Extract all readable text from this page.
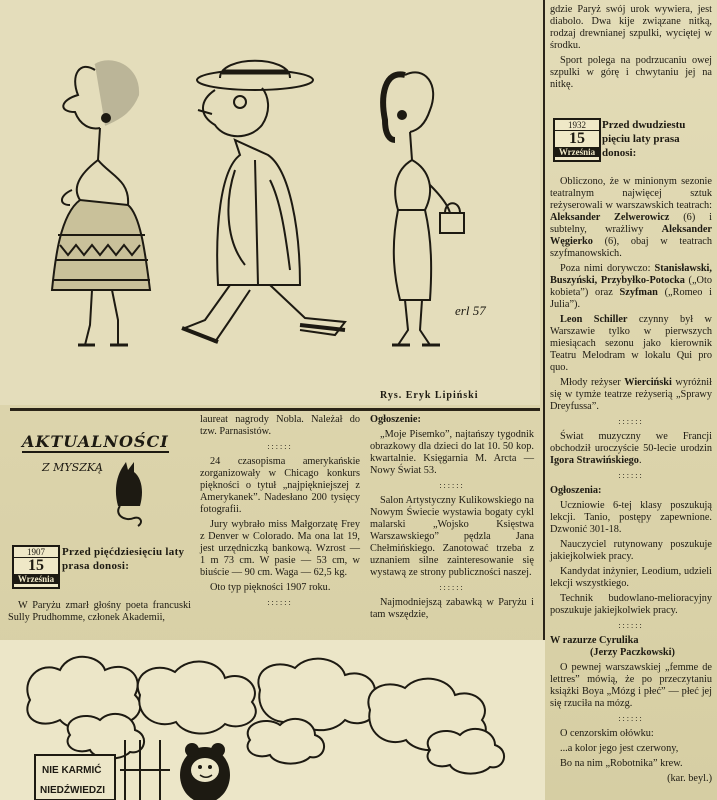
erl 57
Rys. Eryk Lipiński

gdzie Paryż swój urok wywiera, jest diabolo. Dwa kije związane nitką, rodzaj drewnianej szpulki, wyciętej w środku.

Sport polega na podrzucaniu owej szpulki w górę i chwytaniu jej na nitkę.

1932
15
Września
Przed dwudziestu pięciu laty prasa donosi:

Obliczono, że w minionym sezonie teatralnym najwięcej sztuk reżyserowali w warszawskich teatrach: Aleksander Zelwerowicz (6) i subtelny, wrażliwy Aleksander Węgierko (6), obaj w teatrach szyfmanowskich.

Poza nimi dorywczo: Stanisławski, Buszyński, Przybyłko-Potocka („Oto kobieta”) oraz Szyfman („Romeo i Julia”).

Leon Schiller czynny był w Warszawie tylko w pierwszych miesiącach sezonu jako kierownik Teatru Melodram w lokalu Qui pro quo.

Młody reżyser Wierciński wyróżnił się w tymże teatrze reżyserią „Sprawy Dreyfussa”.

::::::

Świat muzyczny we Francji obchodził uroczyście 50-lecie urodzin Igora Strawińskiego.

::::::

Ogłoszenia:

Uczniowie 6-tej klasy poszukują lekcji. Tanio, postępy zapewnione. Dzwonić 301-18.

Nauczyciel rutynowany poszukuje jakiejkolwiek pracy.

Kandydat inżynier, Leodium, udzieli lekcji wszystkiego.

Technik budowlano-melioracyjny poszukuje jakiejkolwiek pracy.

::::::

W razurze Cyrulika
(Jerzy Paczkowski)

O pewnej warszawskiej „femme de lettres” mówią, że po przeczytaniu książki Boya „Mózg i płeć” — płeć jej się rzuciła na mózg.

::::::

O cenzorskim ołówku:

...a kolor jego jest czerwony,

Bo na nim „Robotnika” krew.

(kar. beyl.)

AKTUALNOŚCI
Z MYSZKĄ
1907
15
Września
Przed pięćdziesięciu laty prasa donosi:

W Paryżu zmarł głośny poeta francuski Sully Prudhomme, członek Akademii,

laureat nagrody Nobla. Należał do tzw. Parnasistów.

::::::

24 czasopisma amerykańskie zorganizowały w Chicago konkurs piękności o tytuł „najpiękniejszej z Amerykanek”. Nadesłano 200 tysięcy fotografii.

Jury wybrało miss Małgorzatę Frey z Denver w Colorado. Ma ona lat 19, jest urzędniczką bankową. Wzrost — 1 m 73 cm. W pasie — 53 cm, w biuście — 90 cm. Waga — 62,5 kg.

Oto typ piękności 1907 roku.

::::::

Ogłoszenie:

„Moje Pisemko”, najtańszy tygodnik obrazkowy dla dzieci do lat 10. 50 kop. kwartalnie. Księgarnia M. Arcta — Nowy Świat 53.

::::::

Salon Artystyczny Kulikowskiego na Nowym Świecie wystawia bogaty cykl malarski „Wojsko Księstwa Warszawskiego” pędzla Jana Chełmińskiego. Zanotować trzeba z uznaniem silne zainteresowanie się wystawą ze strony publiczności naszej.

::::::

Najmodniejszą zabawką w Paryżu i tam wszędzie,

NIE KARMIĆ
NIEDŹWIEDZI
